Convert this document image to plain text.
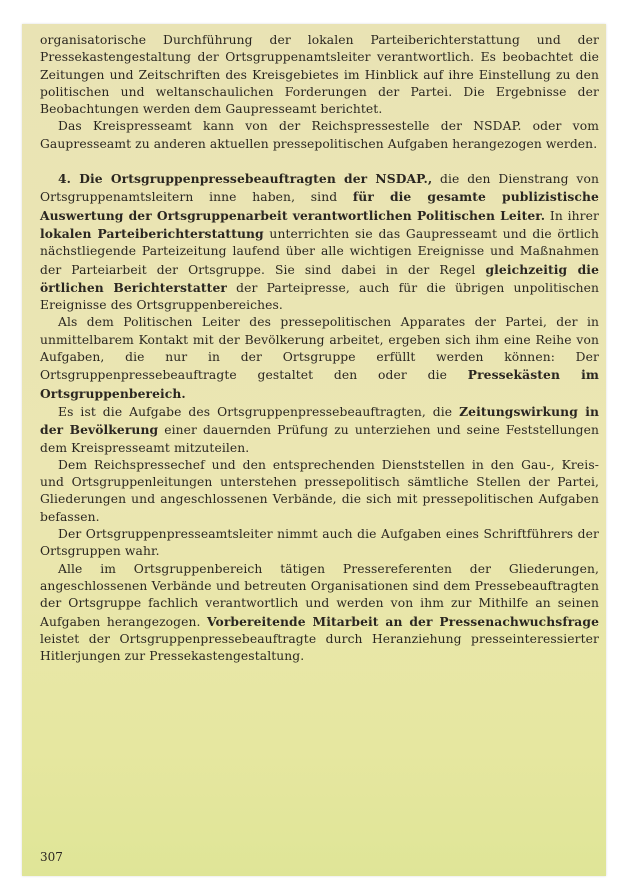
organisatorische Durchführung der lokalen Parteiberichterstattung und der Pressekastengestaltung der Ortsgruppenamtsleiter verantwortlich. Es beobachtet die Zeitungen und Zeitschriften des Kreisgebietes im Hinblick auf ihre Einstellung zu den politischen und weltanschaulichen Forderungen der Partei. Die Ergebnisse der Beobachtungen werden dem Gaupresseamt berichtet.

Das Kreispresseamt kann von der Reichspressestelle der NSDAP. oder vom Gaupresseamt zu anderen aktuellen pressepolitischen Aufgaben herangezogen werden.

4. Die Ortsgruppenpressebeauftragten der NSDAP., die den Dienstrang von Ortsgruppenamtsleitern inne haben, sind für die gesamte publizistische Auswertung der Ortsgruppenarbeit verantwortlichen Politischen Leiter. In ihrer lokalen Parteiberichterstattung unterrichten sie das Gaupresseamt und die örtlich nächstliegende Parteizeitung laufend über alle wichtigen Ereignisse und Maßnahmen der Parteiarbeit der Ortsgruppe. Sie sind dabei in der Regel gleichzeitig die örtlichen Berichterstatter der Parteipresse, auch für die übrigen unpolitischen Ereignisse des Ortsgruppenbereiches.

Als dem Politischen Leiter des pressepolitischen Apparates der Partei, der in unmittelbarem Kontakt mit der Bevölkerung arbeitet, ergeben sich ihm eine Reihe von Aufgaben, die nur in der Ortsgruppe erfüllt werden können: Der Ortsgruppenpressebeauftragte gestaltet den oder die Pressekästen im Ortsgruppenbereich.

Es ist die Aufgabe des Ortsgruppenpressebeauftragten, die Zeitungswirkung in der Bevölkerung einer dauernden Prüfung zu unterziehen und seine Feststellungen dem Kreispresseamt mitzuteilen.

Dem Reichspressechef und den entsprechenden Dienststellen in den Gau-, Kreis- und Ortsgruppenleitungen unterstehen pressepolitisch sämtliche Stellen der Partei, Gliederungen und angeschlossenen Verbände, die sich mit pressepolitischen Aufgaben befassen.

Der Ortsgruppenpresseamtsleiter nimmt auch die Aufgaben eines Schriftführers der Ortsgruppen wahr.

Alle im Ortsgruppenbereich tätigen Pressereferenten der Gliederungen, angeschlossenen Verbände und betreuten Organisationen sind dem Pressebeauftragten der Ortsgruppe fachlich verantwortlich und werden von ihm zur Mithilfe an seinen Aufgaben herangezogen. Vorbereitende Mitarbeit an der Pressenachwuchsfrage leistet der Ortsgruppenpressebeauftragte durch Heranziehung presseinteressierter Hitlerjungen zur Pressekastengestaltung.

307
